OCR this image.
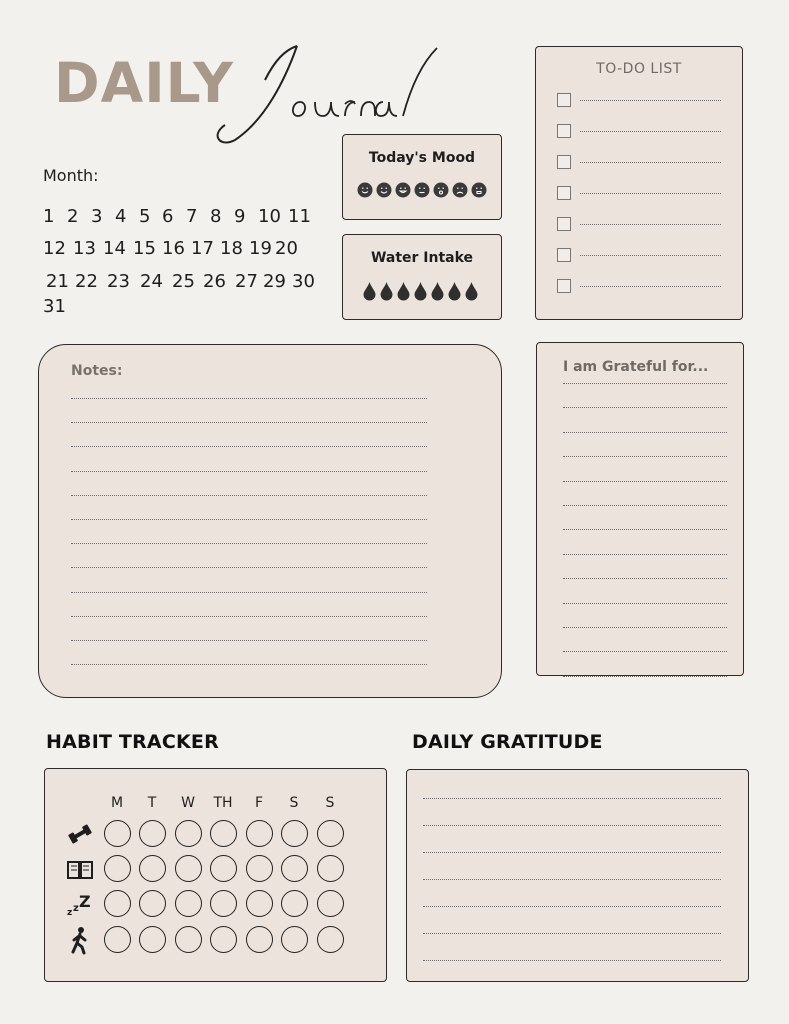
DAILY
Month:
1 2 3 4 5 6 7 8 9 10 11
12 13 14 15 16 17 18 19 20
21 22 23 24 25 26 27 29 30
31
Today's Mood
Water Intake
TO-DO LIST
Notes:	I am Grateful for...
HABIT TRACKER	DAILY GRATITUDE
M	T	W	TH	F	S	S
z z Z
